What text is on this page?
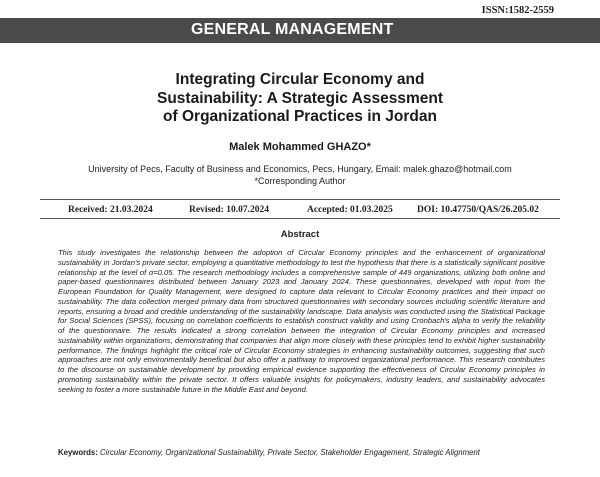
ISSN:1582-2559
GENERAL MANAGEMENT
Integrating Circular Economy and
Sustainability: A Strategic Assessment
of Organizational Practices in Jordan
Malek Mohammed GHAZO*
University of Pecs, Faculty of Business and Economics, Pecs, Hungary, Email: malek.ghazo@hotmail.com
*Corresponding Author
Received: 21.03.2024	Revised: 10.07.2024	Accepted: 01.03.2025	DOI: 10.47750/QAS/26.205.02
Abstract

This study investigates the relationship between the adoption of Circular Economy principles and the enhancement of organizational sustainability in Jordan's private sector, employing a quantitative methodology to test the hypothesis that there is a statistically significant positive relationship at the level of α=0.05. The research methodology includes a comprehensive sample of 449 organizations, utilizing both online and paper-based questionnaires distributed between January 2023 and January 2024. These questionnaires, developed with input from the European Foundation for Quality Management, were designed to capture data relevant to Circular Economy practices and their impact on sustainability. The data collection merged primary data from structured questionnaires with secondary sources including scientific literature and reports, ensuring a broad and credible understanding of the sustainability landscape. Data analysis was conducted using the Statistical Package for Social Sciences (SPSS), focusing on correlation coefficients to establish construct validity and using Cronbach's alpha to verify the reliability of the questionnaire. The results indicated a strong correlation between the integration of Circular Economy principles and increased sustainability within organizations, demonstrating that companies that align more closely with these principles tend to exhibit higher sustainability performance. The findings highlight the critical role of Circular Economy strategies in enhancing sustainability outcomes, suggesting that such approaches are not only environmentally beneficial but also offer a pathway to improved organizational performance. This research contributes to the discourse on sustainable development by providing empirical evidence supporting the effectiveness of Circular Economy principles in promoting sustainability within the private sector. It offers valuable insights for policymakers, industry leaders, and sustainability advocates seeking to foster a more sustainable future in the Middle East and beyond.

Keywords: Circular Economy, Organizational Sustainability, Private Sector, Stakeholder Engagement, Strategic Alignment
